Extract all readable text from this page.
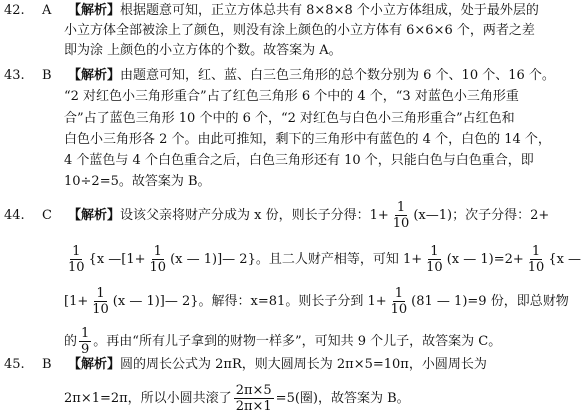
42. A 【解析】根据题意可知，正立方体总共有 8×8×8 个小立方体组成，处于最外层的
小立方体全部被涂上了颜色，则没有涂上颜色的小立方体有 6×6×6 个，两者之差
即为涂 上颜色的小立方体的个数。故答案为 A。
43. B 【解析】由题意可知，红、蓝、白三色三角形的总个数分别为 6 个、10 个、16 个。
“2 对红色小三角形重合”占了红色三角形 6 个中的 4 个，“3 对蓝色小三角形重
合”占了蓝色三角形 10 个中的 6 个，“2 对红色与白色小三角形重合”占红色和
白色小三角形各 2 个。由此可推知，剩下的三角形中有蓝色的 4 个，白色的 14 个，
4 个蓝色与 4 个白色重合之后，白色三角形还有 10 个，只能白色与白色重合，即
10÷2=5。故答案为 B。
44. C 【解析】设该父亲将财产分成为 x 份，则长子分得：$1+ \frac{1}{10}$ (x—1)；次子分得：2+
$\frac{1}{10} \{x$ —[1+ $\frac{1}{10} (x$ — 1)]— 2}。且二人财产相等，可知 $1+ \frac{1}{10} (x$ — $1)=2+ \frac{1}{10} \{x$ —
[$1+ \frac{1}{10} (x$ — 1)]— 2}。解得：x=81。则长子分到 $1+ \frac{1}{10} (81$ — 1)=9 份，即总财物
的 $\frac{1}{9}$ 。再由“所有儿子拿到的财物一样多”，可知共 9 个儿子，故答案为 C。
45. B 【解析】圆的周长公式为 2πR，则大圆周长为 2π×5=10π，小圆周长为
2π×1=2π，所以小圆共滚了 $\frac{2\pi\times 5}{2\pi\times 1} =5$(圈)，故答案为 B。
